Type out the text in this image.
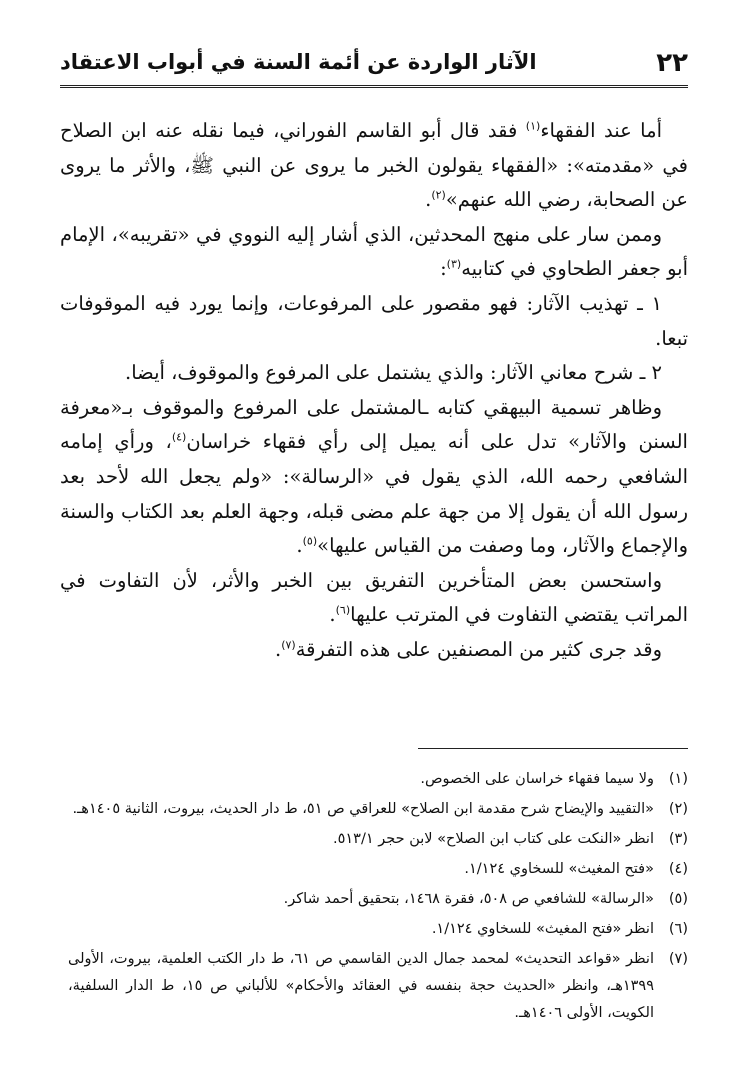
٢٢
الآثار الواردة عن أئمة السنة في أبواب الاعتقاد

أما عند الفقهاء$^{(١)}$ فقد قال أبو القاسم الفوراني، فيما نقله عنه ابن الصلاح في «مقدمته»: «الفقهاء يقولون الخبر ما يروى عن النبي ﷺ، والأثر ما يروى عن الصحابة، رضي الله عنهم»$^{(٢)}$.

وممن سار على منهج المحدثين، الذي أشار إليه النووي في «تقريبه»، الإمام أبو جعفر الطحاوي في كتابيه$^{(٣)}$:

١ ـ تهذيب الآثار: فهو مقصور على المرفوعات، وإنما يورد فيه الموقوفات تبعا.

٢ ـ شرح معاني الآثار: والذي يشتمل على المرفوع والموقوف، أيضا.

وظاهر تسمية البيهقي كتابه ـالمشتمل على المرفوع والموقوف بـ«معرفة السنن والآثار» تدل على أنه يميل إلى رأي فقهاء خراسان$^{(٤)}$، ورأي إمامه الشافعي رحمه الله، الذي يقول في «الرسالة»: «ولم يجعل الله لأحد بعد رسول الله أن يقول إلا من جهة علم مضى قبله، وجهة العلم بعد الكتاب والسنة والإجماع والآثار، وما وصفت من القياس عليها»$^{(٥)}$.

واستحسن بعض المتأخرين التفريق بين الخبر والأثر، لأن التفاوت في المراتب يقتضي التفاوت في المترتب عليها$^{(٦)}$.

وقد جرى كثير من المصنفين على هذه التفرقة$^{(٧)}$.

(١)
ولا سيما فقهاء خراسان على الخصوص.
(٢)
«التقييد والإيضاح شرح مقدمة ابن الصلاح» للعراقي ص ٥١، ط دار الحديث، بيروت، الثانية ١٤٠٥هـ.
(٣)
انظر «النكت على كتاب ابن الصلاح» لابن حجر ٥١٣/١.
(٤)
«فتح المغيث» للسخاوي ١/١٢٤.
(٥)
«الرسالة» للشافعي ص ٥٠٨، فقرة ١٤٦٨، بتحقيق أحمد شاكر.
(٦)
انظر «فتح المغيث» للسخاوي ١/١٢٤.
(٧)
انظر «قواعد التحديث» لمحمد جمال الدين القاسمي ص ٦١، ط دار الكتب العلمية، بيروت، الأولى ١٣٩٩هـ، وانظر «الحديث حجة بنفسه في العقائد والأحكام» للألباني ص ١٥، ط الدار السلفية، الكويت، الأولى ١٤٠٦هـ.
